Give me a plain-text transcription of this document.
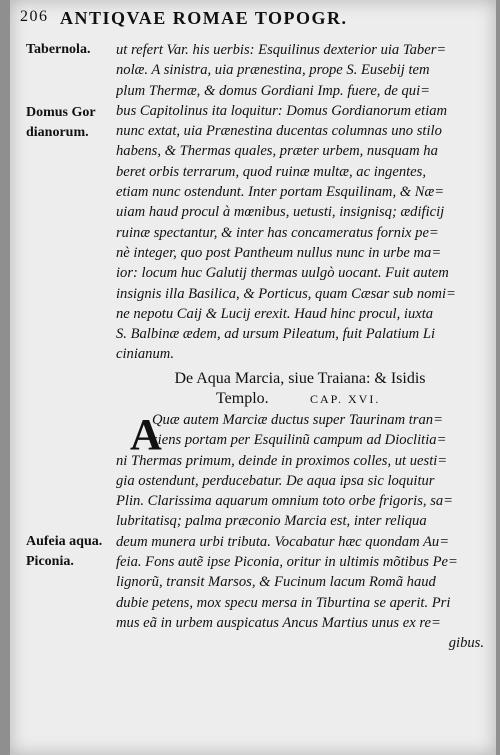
206 ANTIQVAE ROMAE TOPOGR.
Tabernola.
Domus Gor
dianorum.
ut refert Var. his uerbis: Esquilinus dexterior uia Taber=
nolæ. A sinistra, uia prænestina, prope S. Eusebij tem
plum Thermæ, & domus Gordiani Imp. fuere, de qui=
bus Capitolinus ita loquitur: Domus Gordianorum etiam
nunc extat, uia Prænestina ducentas columnas uno stilo
habens, & Thermas quales, præter urbem, nusquam ha
beret orbis terrarum, quod ruinæ multæ, ac ingentes,
etiam nunc ostendunt. Inter portam Esquilinam, & Næ=
uiam haud procul à mœnibus, uetusti, insignisq; ædificij
ruinæ spectantur, & inter has concameratus fornix pe=
nè integer, quo post Pantheum nullus nunc in urbe ma=
ior: locum huc Galutij thermas uulgò uocant. Fuit autem
insignis illa Basilica, & Porticus, quam Cæsar sub nomi=
ne nepotu Caij & Lucij erexit. Haud hinc procul, iuxta
S. Balbinæ ædem, ad ursum Pileatum, fuit Palatium Li
cinianum.
De Aqua Marcia, siue Traiana: & Isidis
Templo.	CAP. XVI.
A
Aufeia aqua.
Piconia.
Quæ autem Marciæ ductus super Taurinam tran=
siens portam per Esquilinũ campum ad Dioclitia=
ni Thermas primum, deinde in proximos colles, ut uesti=
gia ostendunt, perducebatur. De aqua ipsa sic loquitur
Plin. Clarissima aquarum omnium toto orbe frigoris, sa=
lubritatisq; palma præconio Marcia est, inter reliqua
deum munera urbi tributa. Vocabatur hæc quondam Au=
feia. Fons autẽ ipse Piconia, oritur in ultimis mõtibus Pe=
lignorũ, transit Marsos, & Fucinum lacum Romã haud
dubie petens, mox specu mersa in Tiburtina se aperit. Pri
mus eã in urbem auspicatus Ancus Martius unus ex re=
gibus.
